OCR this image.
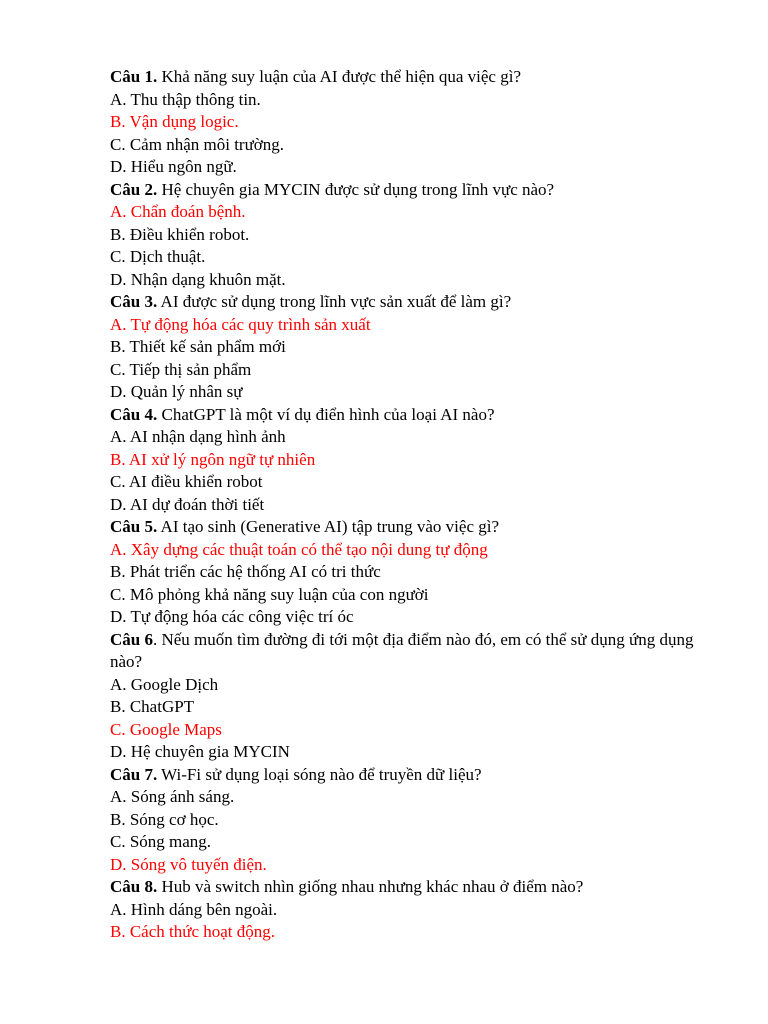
Câu 1. Khả năng suy luận của AI được thể hiện qua việc gì?

A. Thu thập thông tin.

B. Vận dụng logic.

C. Cảm nhận môi trường.

D. Hiểu ngôn ngữ.

Câu 2. Hệ chuyên gia MYCIN được sử dụng trong lĩnh vực nào?

A. Chẩn đoán bệnh.

B. Điều khiển robot.

C. Dịch thuật.

D. Nhận dạng khuôn mặt.

Câu 3. AI được sử dụng trong lĩnh vực sản xuất để làm gì?

A. Tự động hóa các quy trình sản xuất

B. Thiết kế sản phẩm mới

C. Tiếp thị sản phẩm

D. Quản lý nhân sự

Câu 4. ChatGPT là một ví dụ điển hình của loại AI nào?

A. AI nhận dạng hình ảnh

B. AI xử lý ngôn ngữ tự nhiên

C. AI điều khiển robot

D. AI dự đoán thời tiết

Câu 5. AI tạo sinh (Generative AI) tập trung vào việc gì?

A. Xây dựng các thuật toán có thể tạo nội dung tự động

B. Phát triển các hệ thống AI có tri thức

C. Mô phỏng khả năng suy luận của con người

D. Tự động hóa các công việc trí óc

Câu 6. Nếu muốn tìm đường đi tới một địa điểm nào đó, em có thể sử dụng ứng dụng nào?

A. Google Dịch

B. ChatGPT

C. Google Maps

D. Hệ chuyên gia MYCIN

Câu 7. Wi-Fi sử dụng loại sóng nào để truyền dữ liệu?

A. Sóng ánh sáng.

B. Sóng cơ học.

C. Sóng mang.

D. Sóng vô tuyến điện.

Câu 8. Hub và switch nhìn giống nhau nhưng khác nhau ở điểm nào?

A. Hình dáng bên ngoài.

B. Cách thức hoạt động.
